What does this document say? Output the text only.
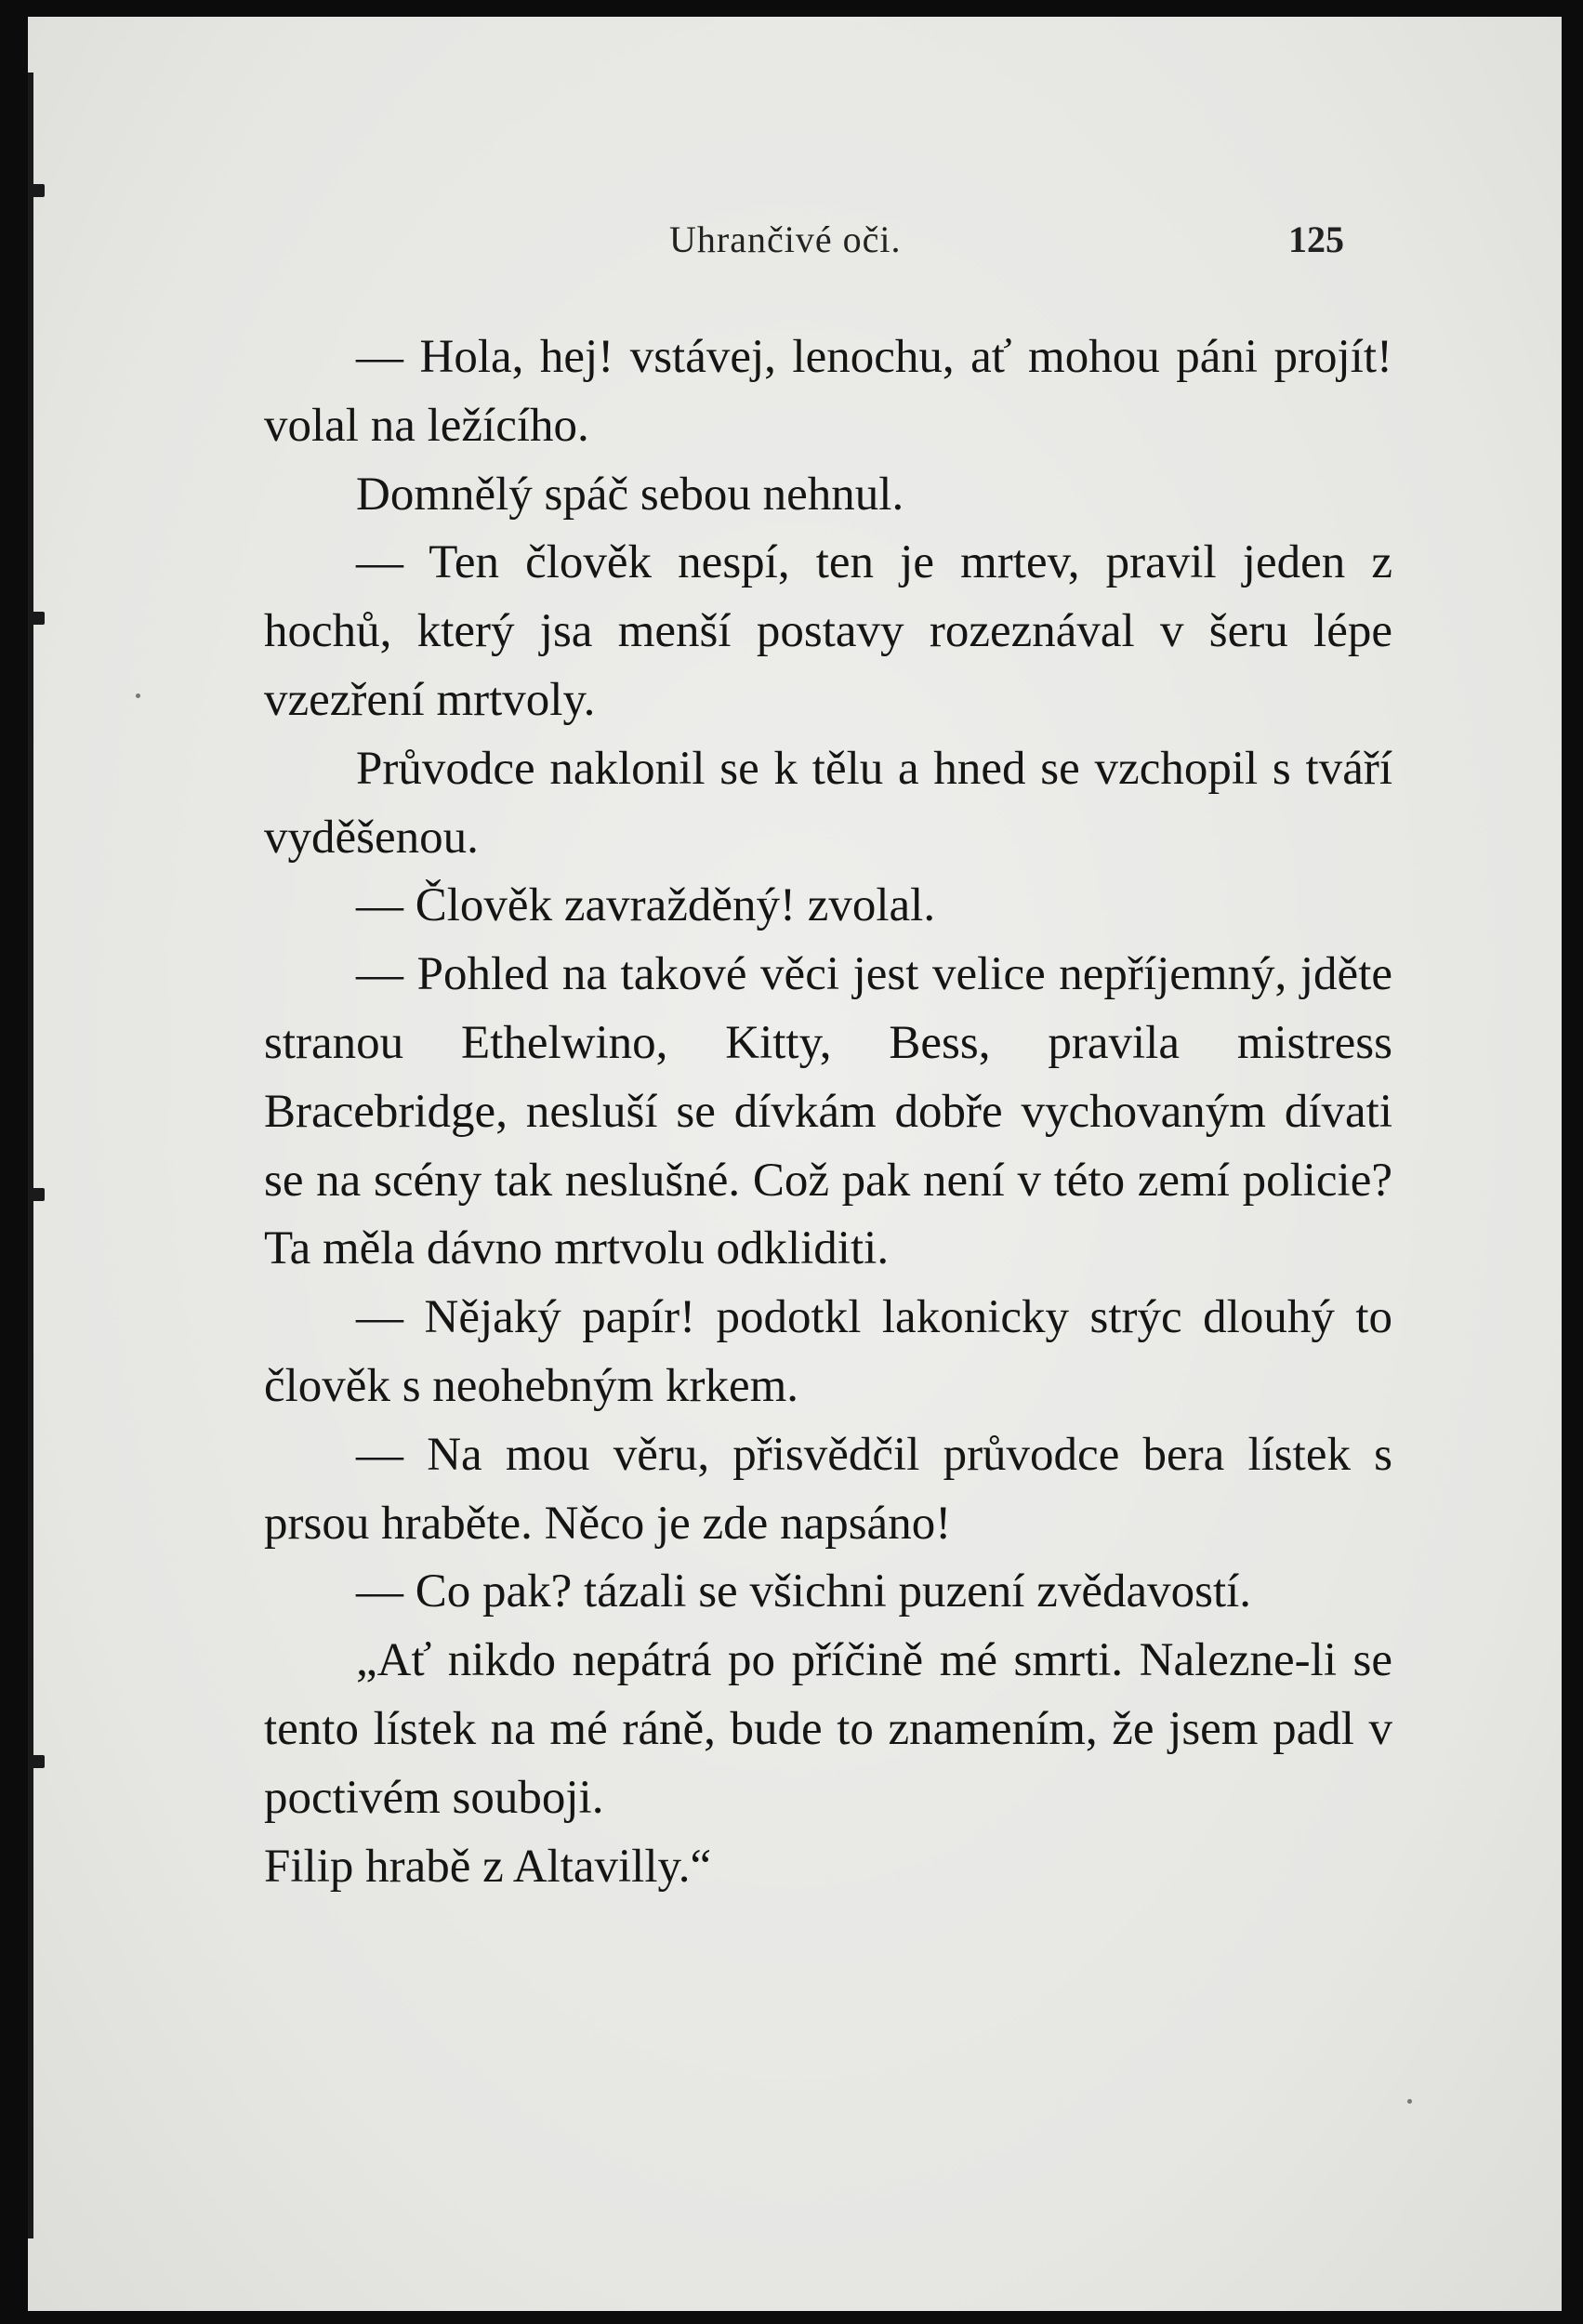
Uhrančivé oči.	125

— Hola, hej! vstávej, lenochu, ať mohou páni projít! volal na ležícího.

Domnělý spáč sebou nehnul.

— Ten člověk nespí, ten je mrtev, pravil jeden z hochů, který jsa menší postavy rozeznával v šeru lépe vzezření mrtvoly.

Průvodce naklonil se k tělu a hned se vzchopil s tváří vyděšenou.

— Člověk zavražděný! zvolal.

— Pohled na takové věci jest velice nepříjemný, jděte stranou Ethelwino, Kitty, Bess, pravila mistress Bracebridge, nesluší se dívkám dobře vychovaným dívati se na scény tak neslušné. Což pak není v této zemí policie? Ta měla dávno mrtvolu odkliditi.

— Nějaký papír! podotkl lakonicky strýc dlouhý to člověk s neohebným krkem.

— Na mou věru, přisvědčil průvodce bera lístek s prsou hraběte. Něco je zde napsáno!

— Co pak? tázali se všichni puzení zvědavostí.

„Ať nikdo nepátrá po příčině mé smrti. Nalezne-li se tento lístek na mé ráně, bude to znamením, že jsem padl v poctivém souboji.

Filip hrabě z Altavilly.“
